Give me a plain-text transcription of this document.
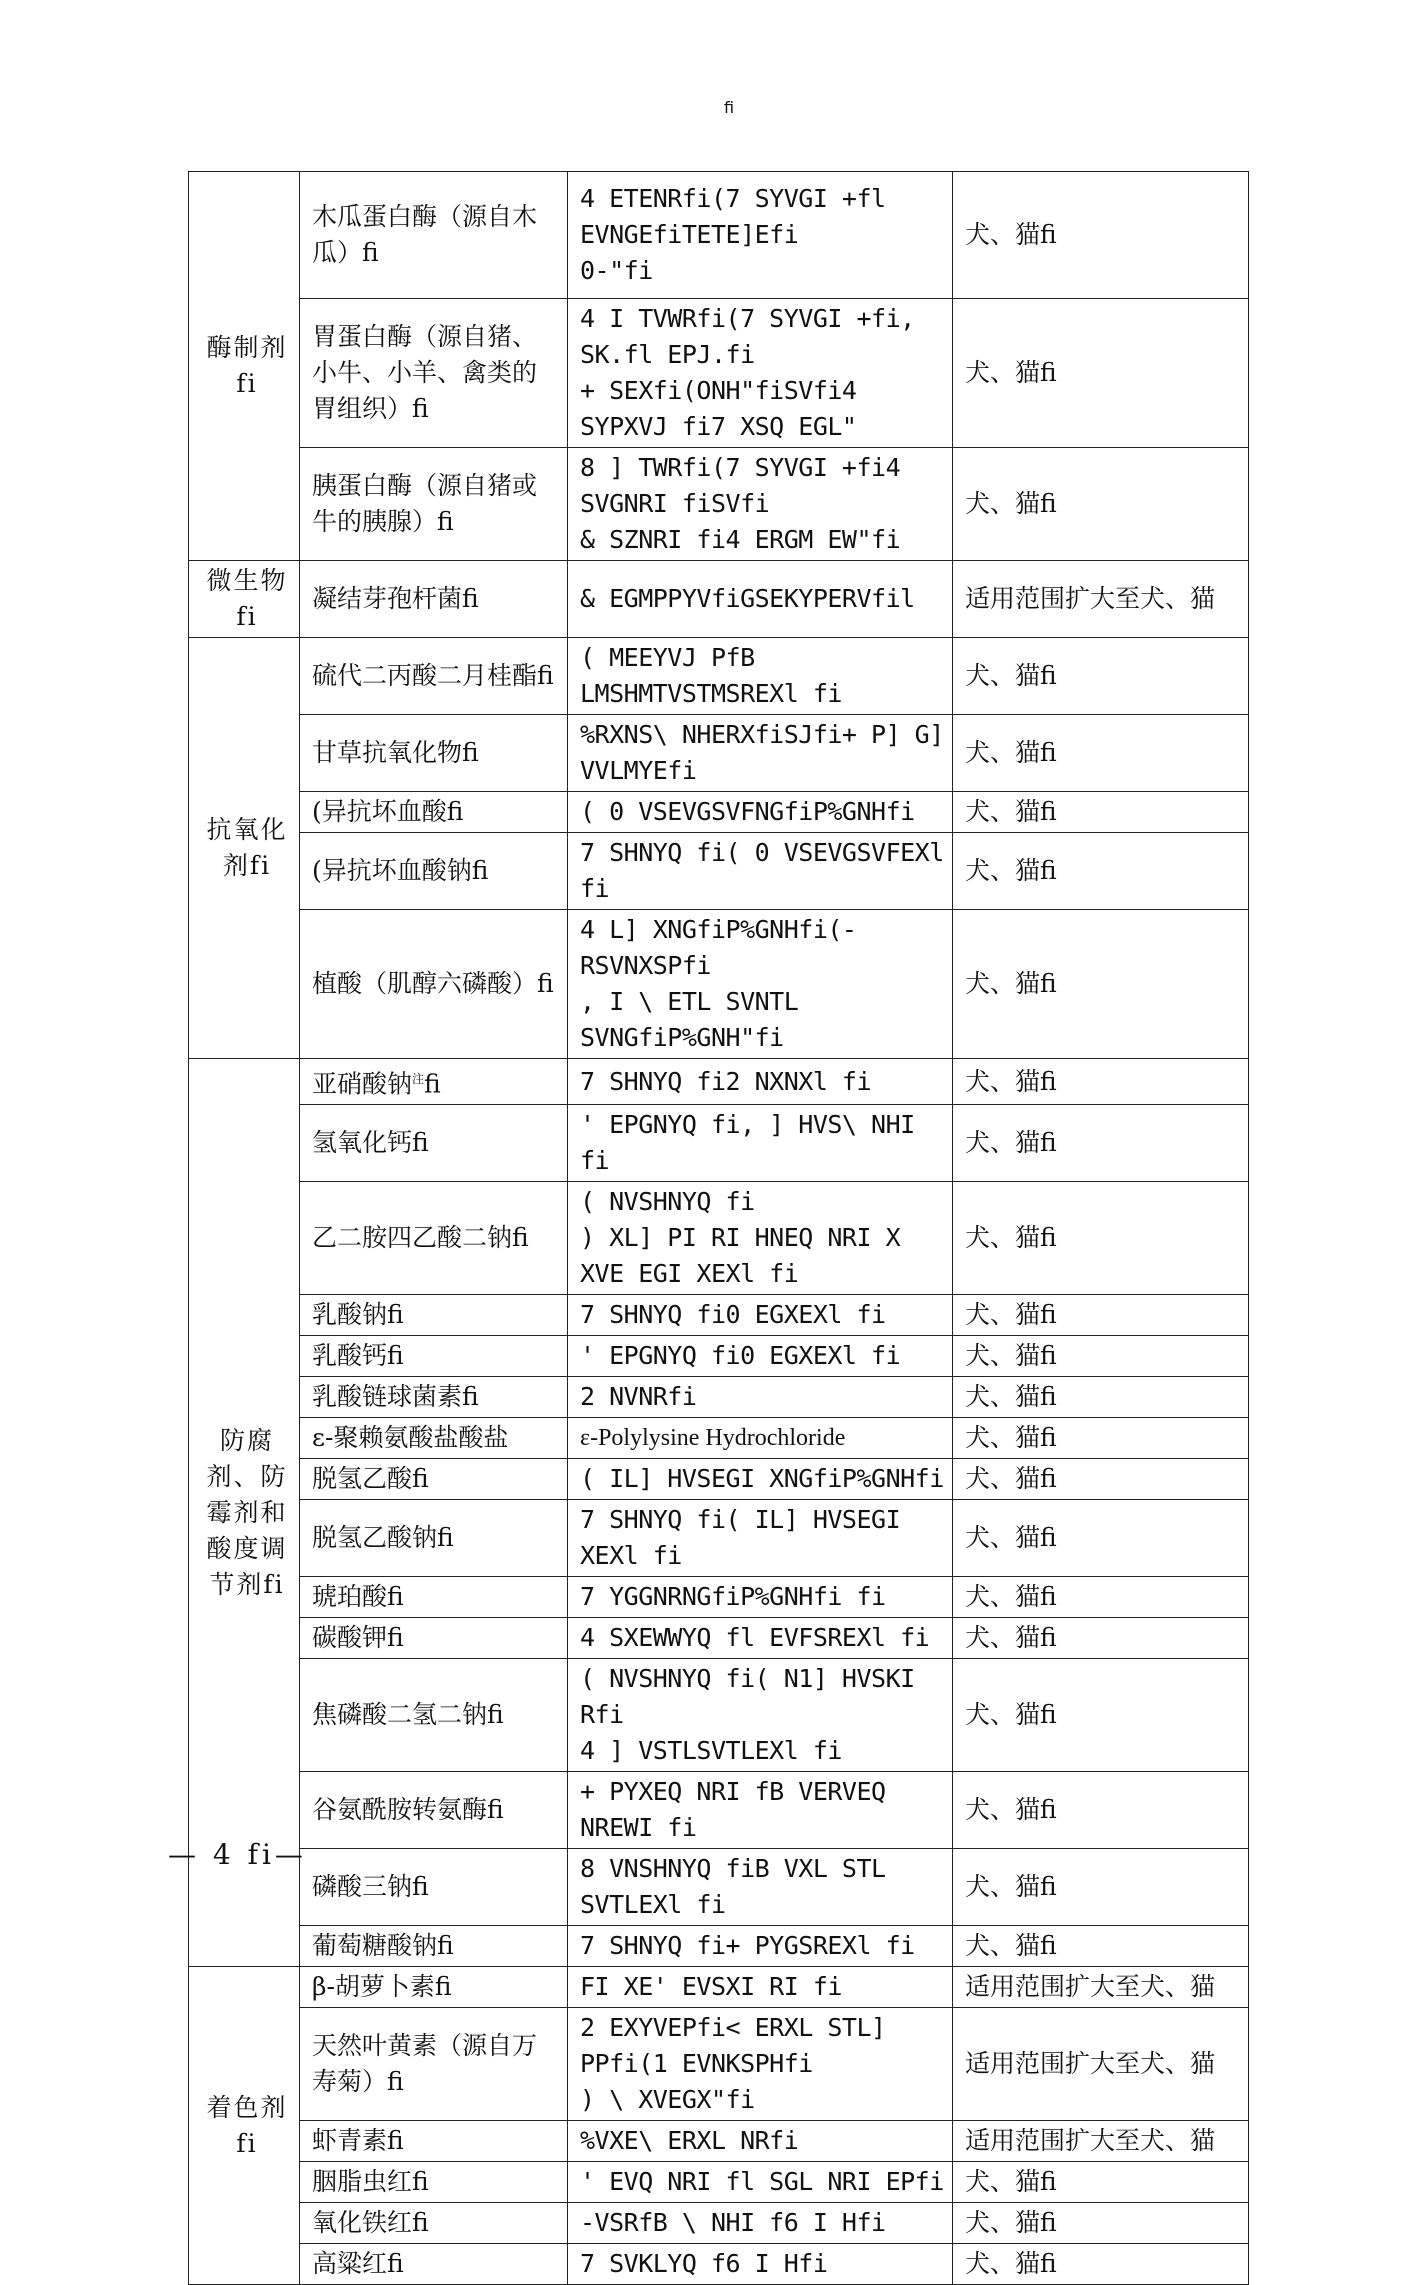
fi
酶制剂fi	木瓜蛋白酶（源自木瓜）fi	4 ETENRfi(7 SYVGI +fl EVNGEfiTETE]Efi
0-"fi	犬、猫fi
	胃蛋白酶（源自猪、小牛、小羊、禽类的胃组织）fi	4 I TVWRfi(7 SYVGI +fi, SK.fl EPJ.fi
+ SEXfi(ONH"fiSVfi4 SYPXVJ fi7 XSQ EGL"	犬、猫fi
	胰蛋白酶（源自猪或牛的胰腺）fi	8 ] TWRfi(7 SYVGI +fi4 SVGNRI fiSVfi
& SZNRI fi4 ERGM EW"fi	犬、猫fi
微生物fi	凝结芽孢杆菌fi	& EGMPPYVfiGSEKYPERVfil	适用范围扩大至犬、猫
抗氧化剂fi	硫代二丙酸二月桂酯fi	( MEEYVJ PfB LMSHMTVSTMSREXl fi	犬、猫fi
	甘草抗氧化物fi	%RXNS\ NHERXfiSJfi+ P] G] VVLMYEfi	犬、猫fi
	(异抗坏血酸fi	( 0 VSEVGSVFNGfiP%GNHfi	犬、猫fi
	(异抗坏血酸钠fi	7 SHNYQ fi( 0 VSEVGSVFEXl fi	犬、猫fi
	植酸（肌醇六磷酸）fi	4 L] XNGfiP%GNHfi(-RSVNXSPfi
, I \ ETL SVNTL SVNGfiP%GNH"fi	犬、猫fi
防腐剂、防霉剂和酸度调节剂fi	亚硝酸钠$^注$fi	7 SHNYQ fi2 NXNXl fi	犬、猫fi
	氢氧化钙fi	' EPGNYQ fi, ] HVS\ NHI fi	犬、猫fi
	乙二胺四乙酸二钠fi	( NVSHNYQ fi
) XL] PI RI HNEQ NRI X XVE EGI XEXl fi	犬、猫fi
	乳酸钠fi	7 SHNYQ fi0 EGXEXl fi	犬、猫fi
	乳酸钙fi	' EPGNYQ fi0 EGXEXl fi	犬、猫fi
	乳酸链球菌素fi	2 NVNRfi	犬、猫fi
	ε-聚赖氨酸盐酸盐	ε-Polylysine Hydrochloride	犬、猫fi
	脱氢乙酸fi	( IL] HVSEGI XNGfiP%GNHfi	犬、猫fi
	脱氢乙酸钠fi	7 SHNYQ fi( IL] HVSEGI XEXl fi	犬、猫fi
	琥珀酸fi	7 YGGNRNGfiP%GNHfi fi	犬、猫fi
	碳酸钾fi	4 SXEWWYQ fl EVFSREXl fi	犬、猫fi
	焦磷酸二氢二钠fi	( NVSHNYQ fi( N1] HVSKI Rfi
4 ] VSTLSVTLEXl fi	犬、猫fi
	谷氨酰胺转氨酶fi	+ PYXEQ NRI fB VERVEQ NREWI fi	犬、猫fi
	磷酸三钠fi	8 VNSHNYQ fiB VXL STL SVTLEXl fi	犬、猫fi
	葡萄糖酸钠fi	7 SHNYQ fi+ PYGSREXl fi	犬、猫fi
着色剂fi	β-胡萝卜素fi	FI XE' EVSXI RI fi	适用范围扩大至犬、猫
	天然叶黄素（源自万寿菊）fi	2 EXYVEPfi< ERXL STL] PPfi(1 EVNKSPHfi
) \ XVEGX"fi	适用范围扩大至犬、猫
	虾青素fi	%VXE\ ERXL NRfi	适用范围扩大至犬、猫
	胭脂虫红fi	' EVQ NRI fl SGL NRI EPfi	犬、猫fi
	氧化铁红fi	-VSRfB \ NHI f6 I Hfi	犬、猫fi
	高粱红fi	7 SVKLYQ f6 I Hfi	犬、猫fi
— 4 fi—
